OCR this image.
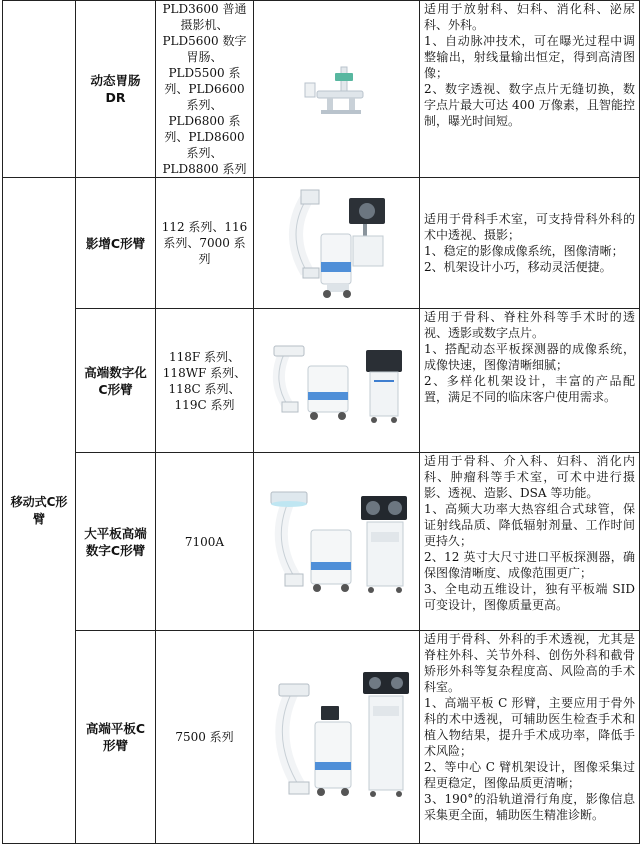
	动态胃肠DR	PLD3600 普通摄影机、PLD5600 数字胃肠、PLD5500 系列、PLD6600 系列、PLD6800 系列、PLD8600 系列、PLD8800 系列		适用于放射科、妇科、消化科、泌尿科、外科。

1、自动脉冲技术，可在曝光过程中调整输出，射线量输出恒定，得到高清图像；

2、数字透视、数字点片无缝切换，数字点片最大可达 400 万像素，且智能控制，曝光时间短。

移动式C形臂	影增C形臂	112 系列、116 系列、7000 系列		适用于骨科手术室，可支持骨科外科的术中透视、摄影；

1、稳定的影像成像系统，图像清晰；

2、机架设计小巧，移动灵活便捷。

	高端数字化C形臂	118F 系列、118WF 系列、118C 系列、119C 系列		适用于骨科、脊柱外科等手术时的透视、透影或数字点片。

1、搭配动态平板探测器的成像系统，成像快速，图像清晰细腻；

2、多样化机架设计，丰富的产品配置，满足不同的临床客户使用需求。

	大平板高端数字C形臂	7100A		适用于骨科、介入科、妇科、消化内科、肿瘤科等手术室，可术中进行摄影、透视、造影、DSA 等功能。

1、高频大功率大热容组合式球管，保证射线品质、降低辐射剂量、工作时间更持久；

2、12 英寸大尺寸进口平板探测器，确保图像清晰度、成像范围更广；

3、全电动五维设计，独有平板端 SID 可变设计，图像质量更高。

	高端平板C形臂	7500 系列		适用于骨科、外科的手术透视，尤其是脊柱外科、关节外科、创伤外科和截骨矫形外科等复杂程度高、风险高的手术科室。

1、高端平板 C 形臂，主要应用于骨外科的术中透视，可辅助医生检查手术和植入物结果，提升手术成功率，降低手术风险；

2、等中心 C 臂机架设计，图像采集过程更稳定，图像品质更清晰；

3、190°的沿轨道滑行角度，影像信息采集更全面，辅助医生精准诊断。
